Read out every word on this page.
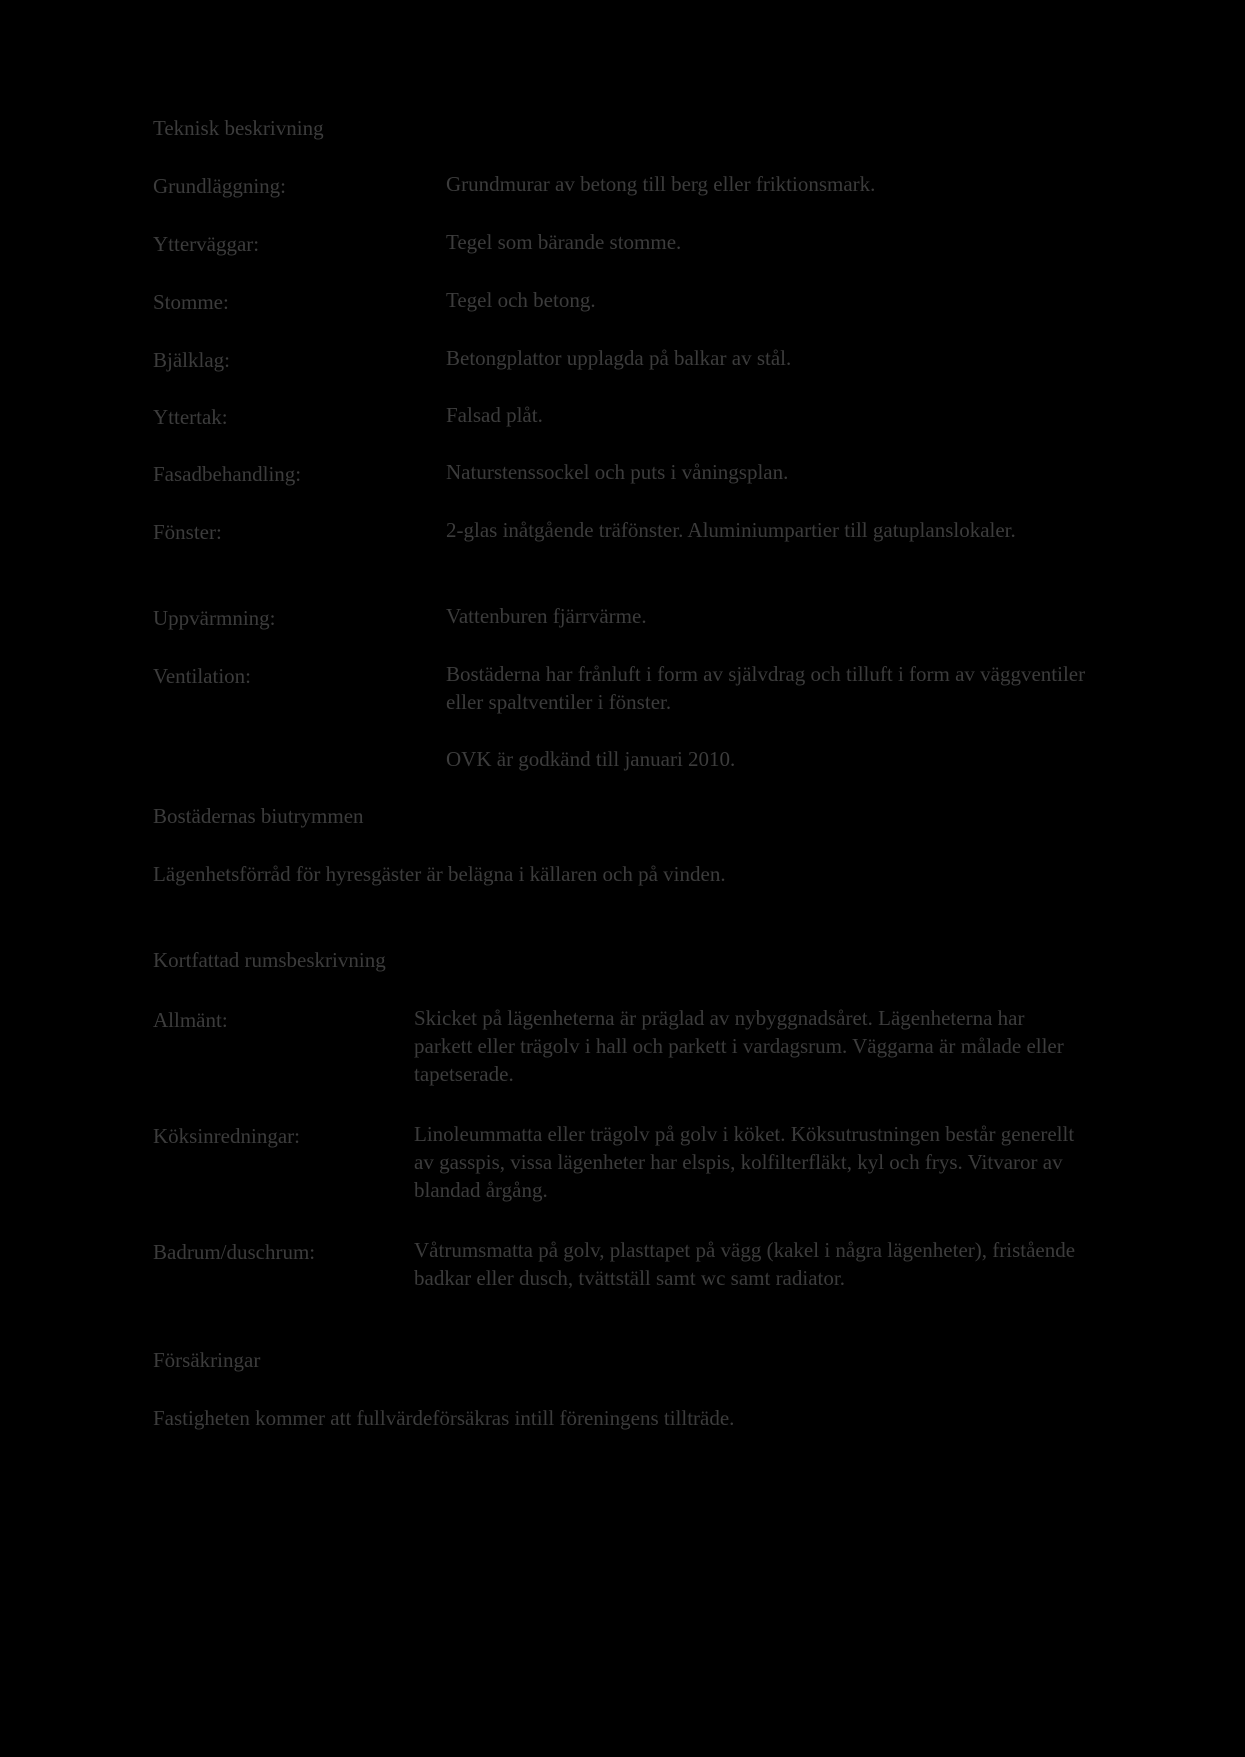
Teknisk beskrivning
Grundläggning:	Grundmurar av betong till berg eller friktionsmark.
Ytterväggar:	Tegel som bärande stomme.
Stomme:	Tegel och betong.
Bjälklag:	Betongplattor upplagda på balkar av stål.
Yttertak:	Falsad plåt.
Fasadbehandling:	Naturstenssockel och puts i våningsplan.
Fönster:	2-glas inåtgående träfönster. Aluminiumpartier till gatuplanslokaler.
Uppvärmning:	Vattenburen fjärrvärme.
Ventilation:	Bostäderna har frånluft i form av självdrag och tilluft i form av väggventiler eller spaltventiler i fönster.
OVK är godkänd till januari 2010.
Bostädernas biutrymmen
Lägenhetsförråd för hyresgäster är belägna i källaren och på vinden.
Kortfattad rumsbeskrivning
Allmänt:	Skicket på lägenheterna är präglad av nybyggnadsåret. Lägenheterna har parkett eller trägolv i hall och parkett i vardagsrum. Väggarna är målade eller tapetserade.
Köksinredningar:	Linoleummatta eller trägolv på golv i köket. Köksutrustningen består generellt av gasspis, vissa lägenheter har elspis, kolfilterfläkt, kyl och frys. Vitvaror av blandad årgång.
Badrum/duschrum:	Våtrumsmatta på golv, plasttapet på vägg (kakel i några lägenheter), fristående badkar eller dusch, tvättställ samt wc samt radiator.
Försäkringar
Fastigheten kommer att fullvärdeförsäkras intill föreningens tillträde.
